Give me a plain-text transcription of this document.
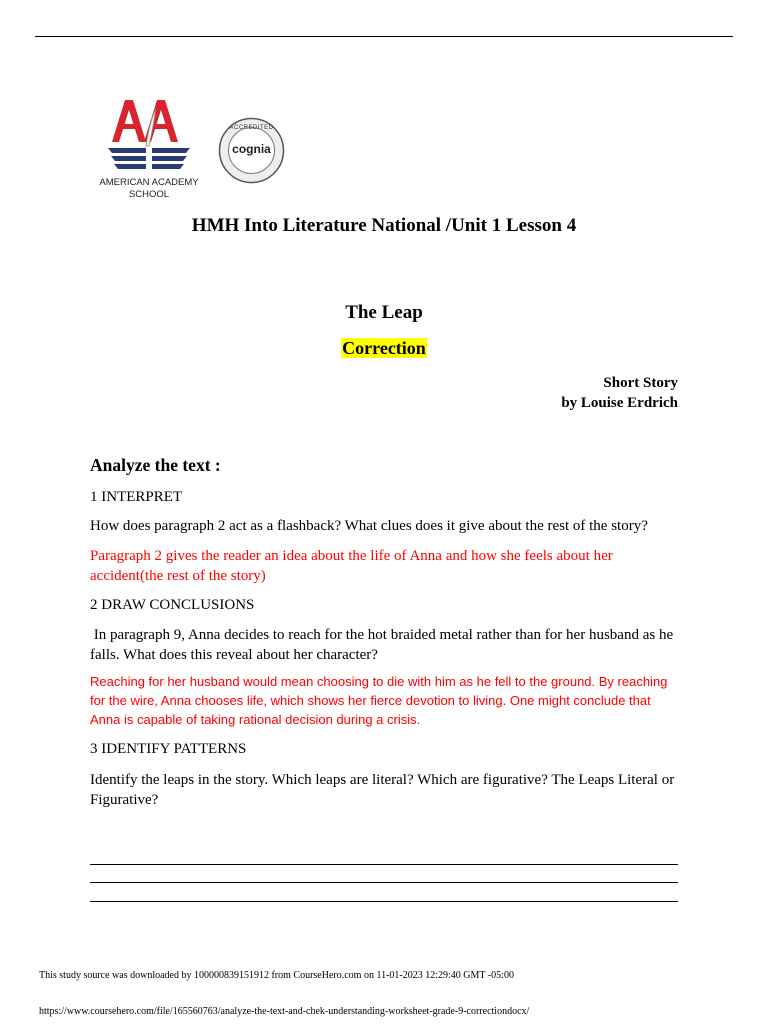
AMERICAN ACADEMY
SCHOOL
ACCREDITED
cognia
HMH Into Literature National /Unit 1 Lesson 4
The Leap
Correction
Short Story
by Louise Erdrich
Analyze the text :
1 INTERPRET
How does paragraph 2 act as a flashback? What clues does it give about the rest of the story?
Paragraph 2 gives the reader an idea about the life of Anna and how she feels about her accident(the rest of the story)
2 DRAW CONCLUSIONS
In paragraph 9, Anna decides to reach for the hot braided metal rather than for her husband as he falls. What does this reveal about her character?
Reaching for her husband would mean choosing to die with him as he fell to the ground. By reaching for the wire, Anna chooses life, which shows her fierce devotion to living. One might conclude that Anna is capable of taking rational decision during a crisis.
3 IDENTIFY PATTERNS
Identify the leaps in the story. Which leaps are literal? Which are figurative? The Leaps Literal or Figurative?
This study source was downloaded by 100000839151912 from CourseHero.com on 11-01-2023 12:29:40 GMT -05:00
https://www.coursehero.com/file/165560763/analyze-the-text-and-chek-understanding-worksheet-grade-9-correctiondocx/
